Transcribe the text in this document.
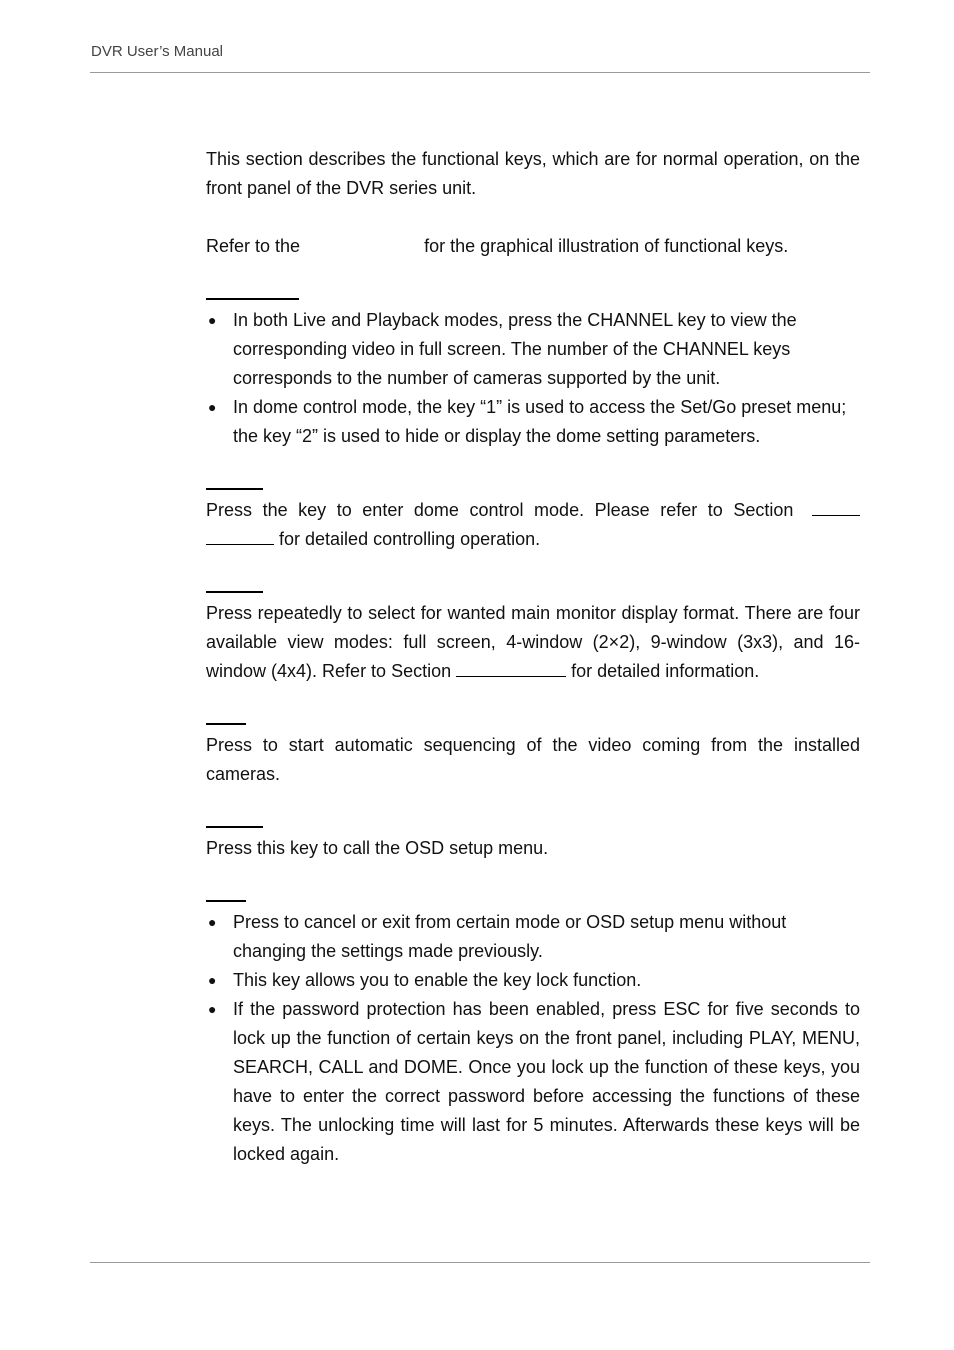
DVR User’s Manual

This section describes the functional keys, which are for normal operation, on the front panel of the DVR series unit.

Refer to the	for the graphical illustration of functional keys.

● In both Live and Playback modes, press the CHANNEL key to view the corresponding video in full screen. The number of the CHANNEL keys corresponds to the number of cameras supported by the unit.
● In dome control mode, the key “1” is used to access the Set/Go preset menu; the key “2” is used to hide or display the dome setting parameters.

Press the key to enter dome control mode. Please refer to Section   for detailed controlling operation.

Press repeatedly to select for wanted main monitor display format. There are four available view modes: full screen, 4-window (2×2), 9-window (3x3), and 16-window (4x4). Refer to Section	for detailed information.

Press to start automatic sequencing of the video coming from the installed cameras.

Press this key to call the OSD setup menu.

● Press to cancel or exit from certain mode or OSD setup menu without changing the settings made previously.
● This key allows you to enable the key lock function.
● If the password protection has been enabled, press ESC for five seconds to lock up the function of certain keys on the front panel, including PLAY, MENU, SEARCH, CALL and DOME. Once you lock up the function of these keys, you have to enter the correct password before accessing the functions of these keys. The unlocking time will last for 5 minutes. Afterwards these keys will be locked again.
